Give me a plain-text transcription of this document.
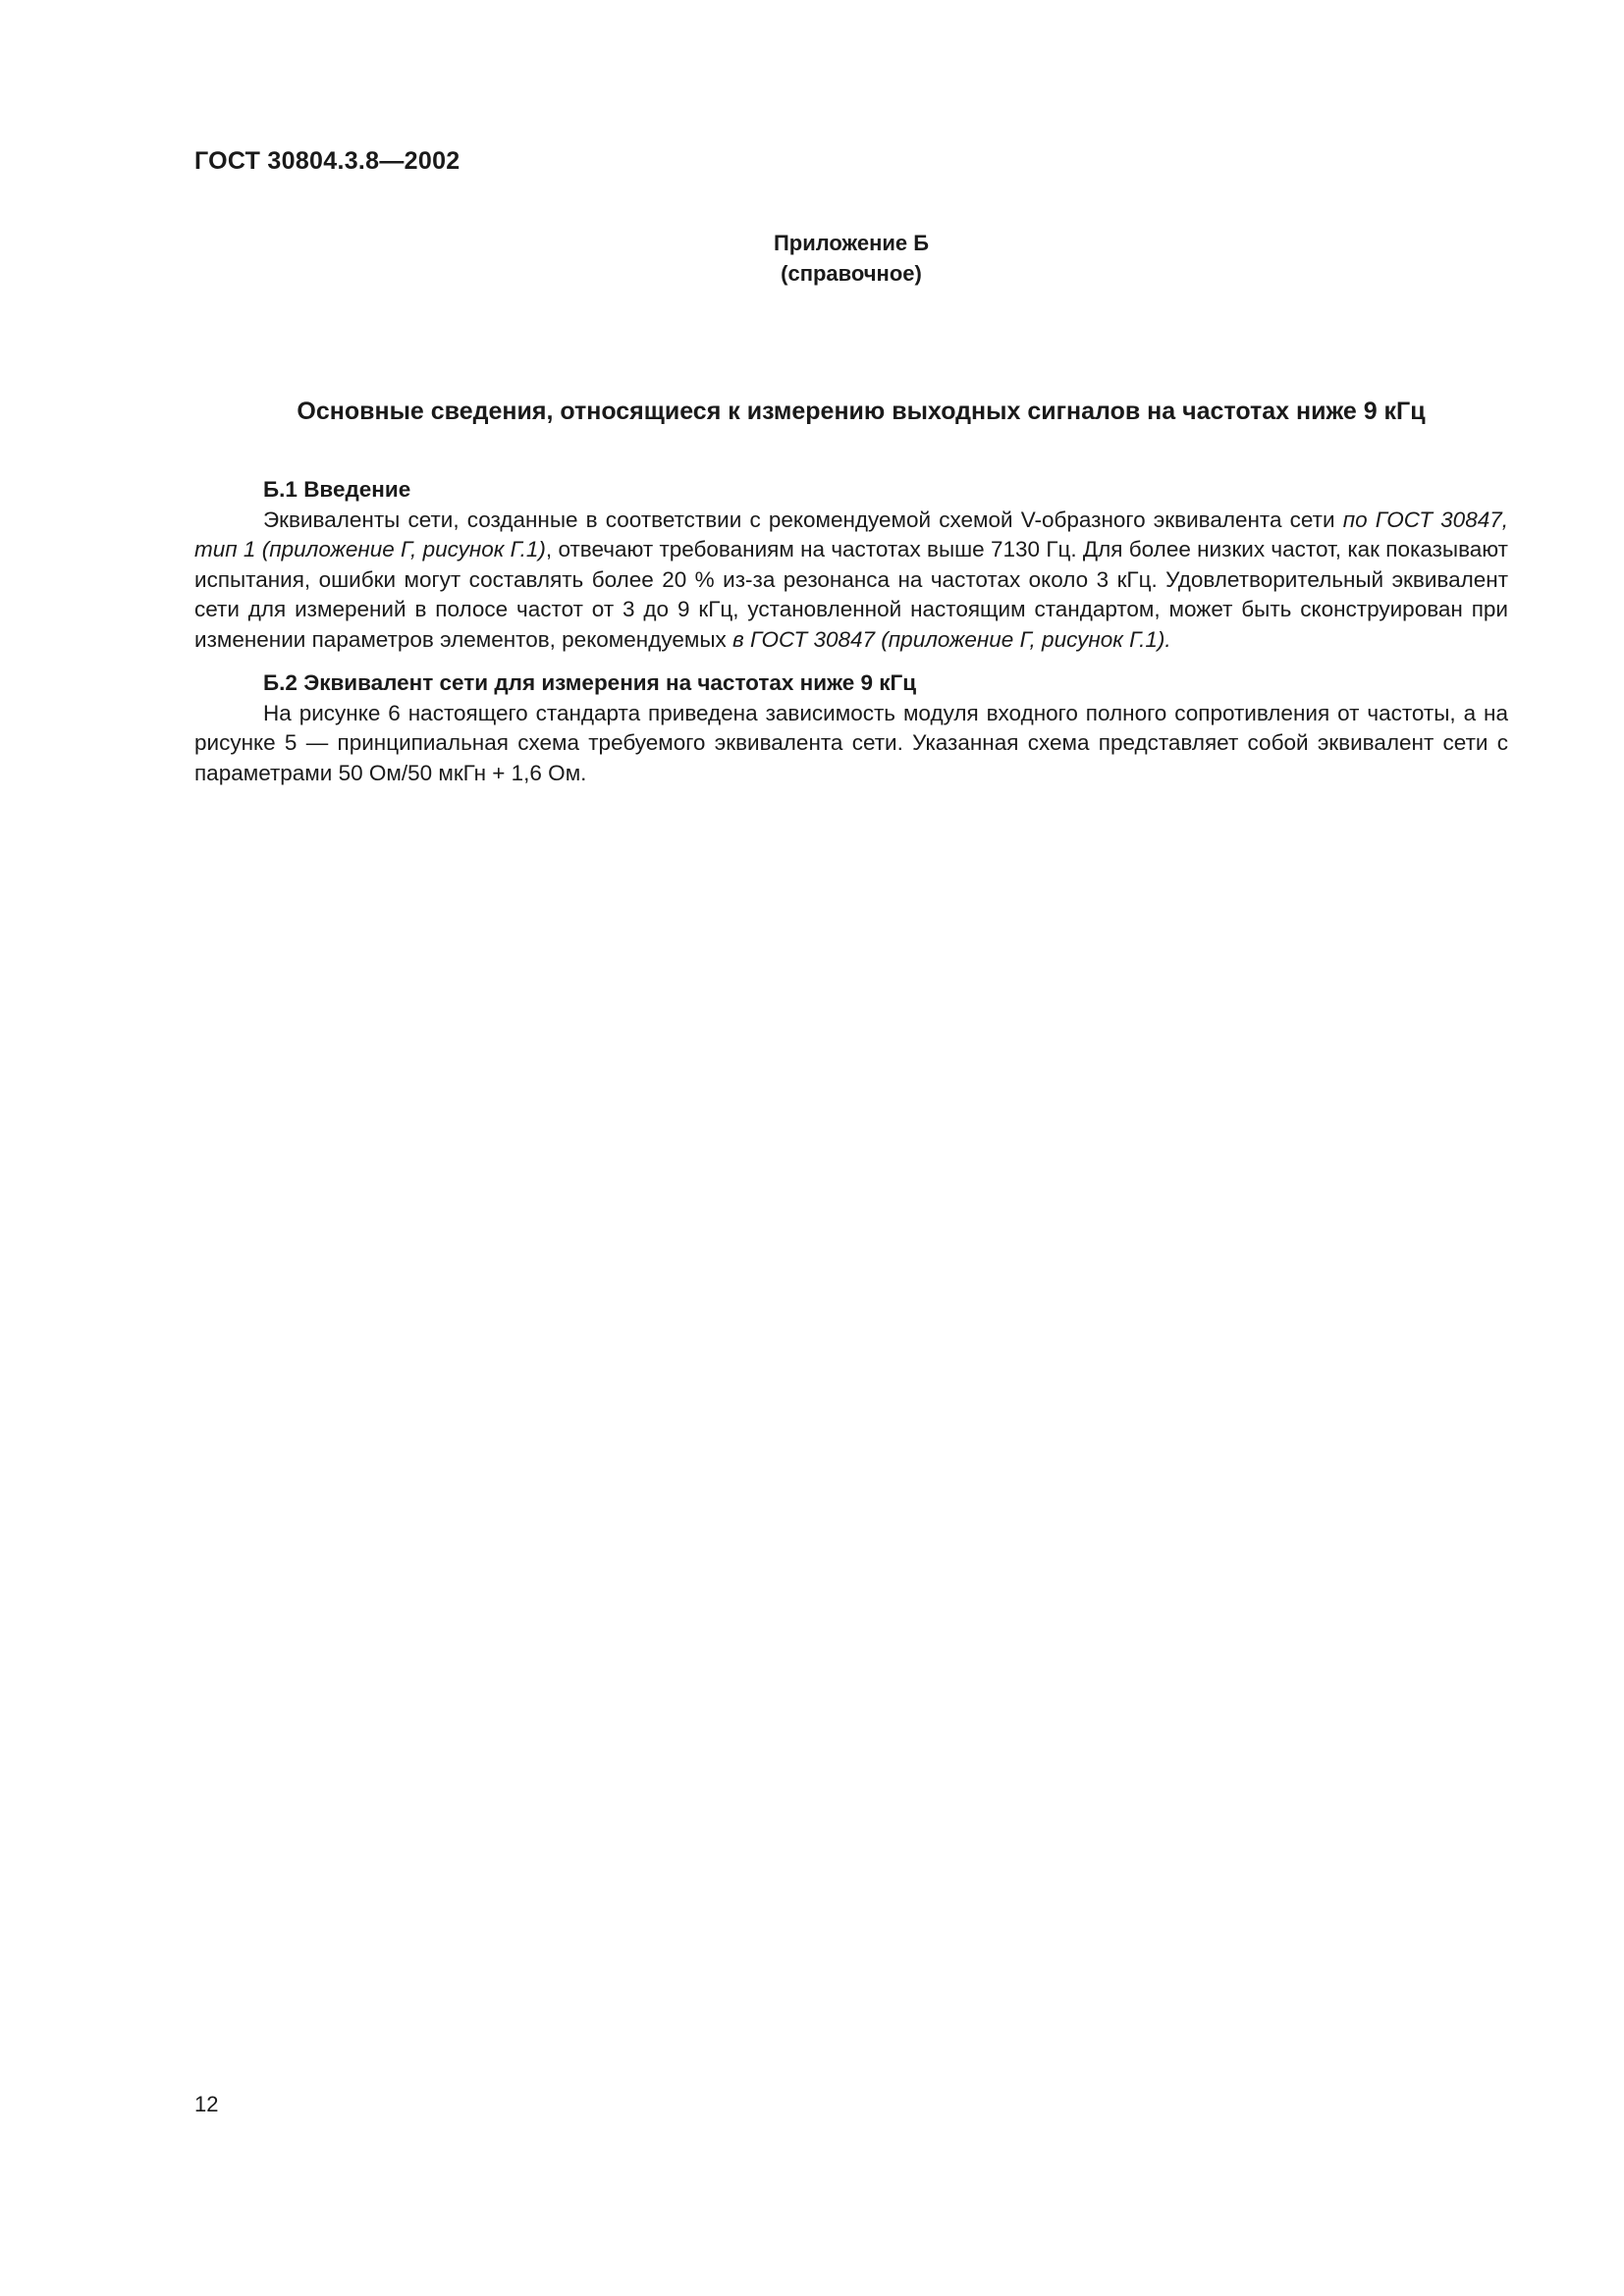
ГОСТ 30804.3.8—2002
Приложение Б
(справочное)
Основные сведения, относящиеся к измерению выходных сигналов на частотах ниже 9 кГц

Б.1 Введение

Эквиваленты сети, созданные в соответствии с рекомендуемой схемой V-образного эквивалента сети по ГОСТ 30847, тип 1 (приложение Г, рисунок Г.1), отвечают требованиям на частотах выше 7130 Гц. Для более низких частот, как показывают испытания, ошибки могут составлять более 20 % из-за резонанса на частотах около 3 кГц. Удовлетворительный эквивалент сети для измерений в полосе частот от 3 до 9 кГц, установленной настоящим стандартом, может быть сконструирован при изменении параметров элементов, рекомендуемых в ГОСТ 30847 (приложение Г, рисунок Г.1).

Б.2 Эквивалент сети для измерения на частотах ниже 9 кГц

На рисунке 6 настоящего стандарта приведена зависимость модуля входного полного сопротивления от частоты, а на рисунке 5 — принципиальная схема требуемого эквивалента сети. Указанная схема представляет собой эквивалент сети с параметрами 50 Ом/50 мкГн + 1,6 Ом.

12
